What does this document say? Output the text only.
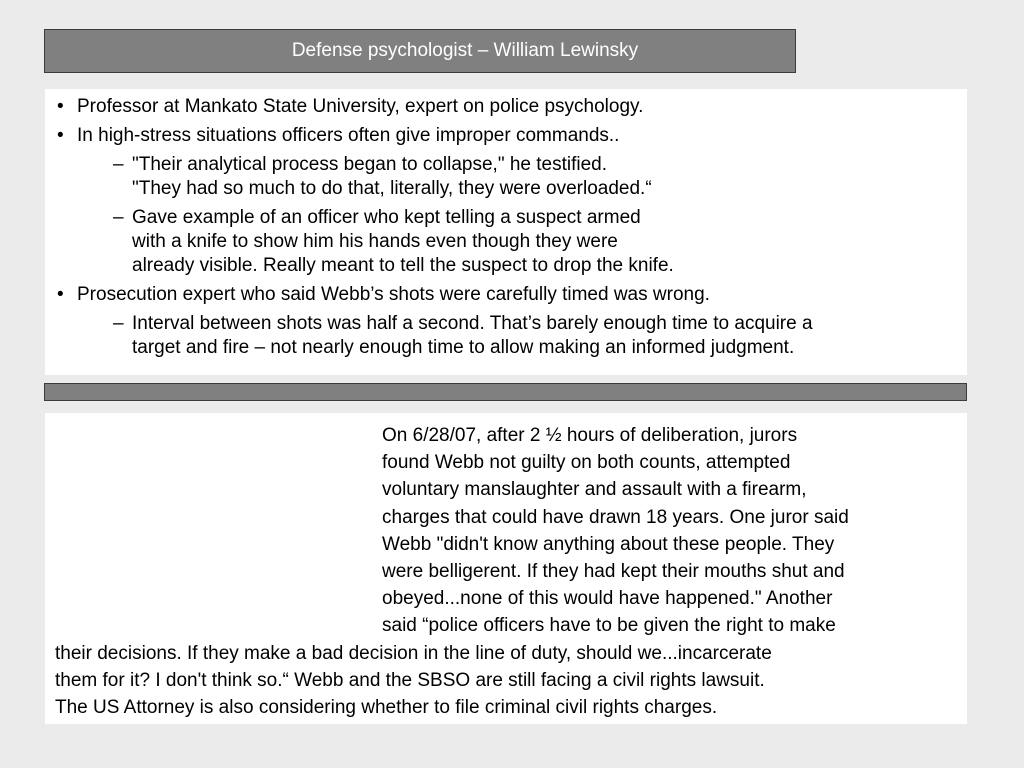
Defense psychologist – William Lewinsky
• Professor at Mankato State University, expert on police psychology.
• In high-stress situations officers often give improper commands..
– "Their analytical process began to collapse," he testified.
"They had so much to do that, literally, they were overloaded.“
– Gave example of an officer who kept telling a suspect armed
with a knife to show him his hands even though they were
already visible. Really meant to tell the suspect to drop the knife.
• Prosecution expert who said Webb’s shots were carefully timed was wrong.
– Interval between shots was half a second. That’s barely enough time to acquire a
target and fire – not nearly enough time to allow making an informed judgment.
On 6/28/07, after 2 ½ hours of deliberation, jurors
found Webb not guilty on both counts, attempted
voluntary manslaughter and assault with a firearm,
charges that could have drawn 18 years. One juror said
Webb "didn't know anything about these people. They
were belligerent. If they had kept their mouths shut and
obeyed...none of this would have happened." Another
said “police officers have to be given the right to make
their decisions. If they make a bad decision in the line of duty, should we...incarcerate
them for it? I don't think so.“ Webb and the SBSO are still facing a civil rights lawsuit.
The US Attorney is also considering whether to file criminal civil rights charges.
